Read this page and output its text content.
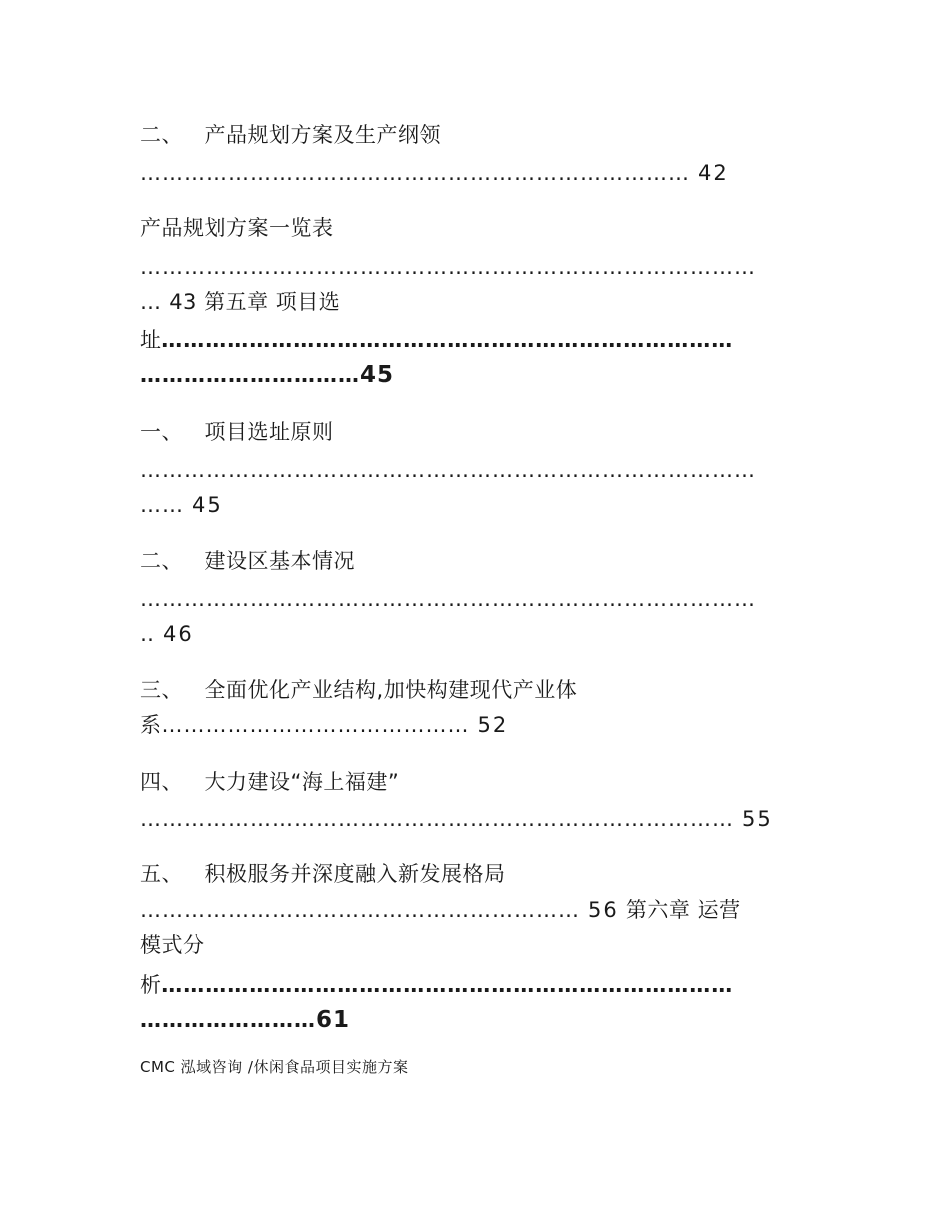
二、 产品规划方案及生产纲领
………………………………………………………………… 42
产品规划方案一览表
…………………………………………………………………………
… 43 第五章 项目选
址……………………………………………………………………
…………………………45
一、 项目选址原则
…………………………………………………………………………
…… 45
二、 建设区基本情况
…………………………………………………………………………
‥ 46
三、 全面优化产业结构,加快构建现代产业体
系…………………………………… 52
四、 大力建设“海上福建”
……………………………………………………………………… 55
五、 积极服务并深度融入新发展格局
…………………………………………………… 56 第六章 运营
模式分
析……………………………………………………………………
……………………61
CMC 泓域咨询 /休闲食品项目实施方案
